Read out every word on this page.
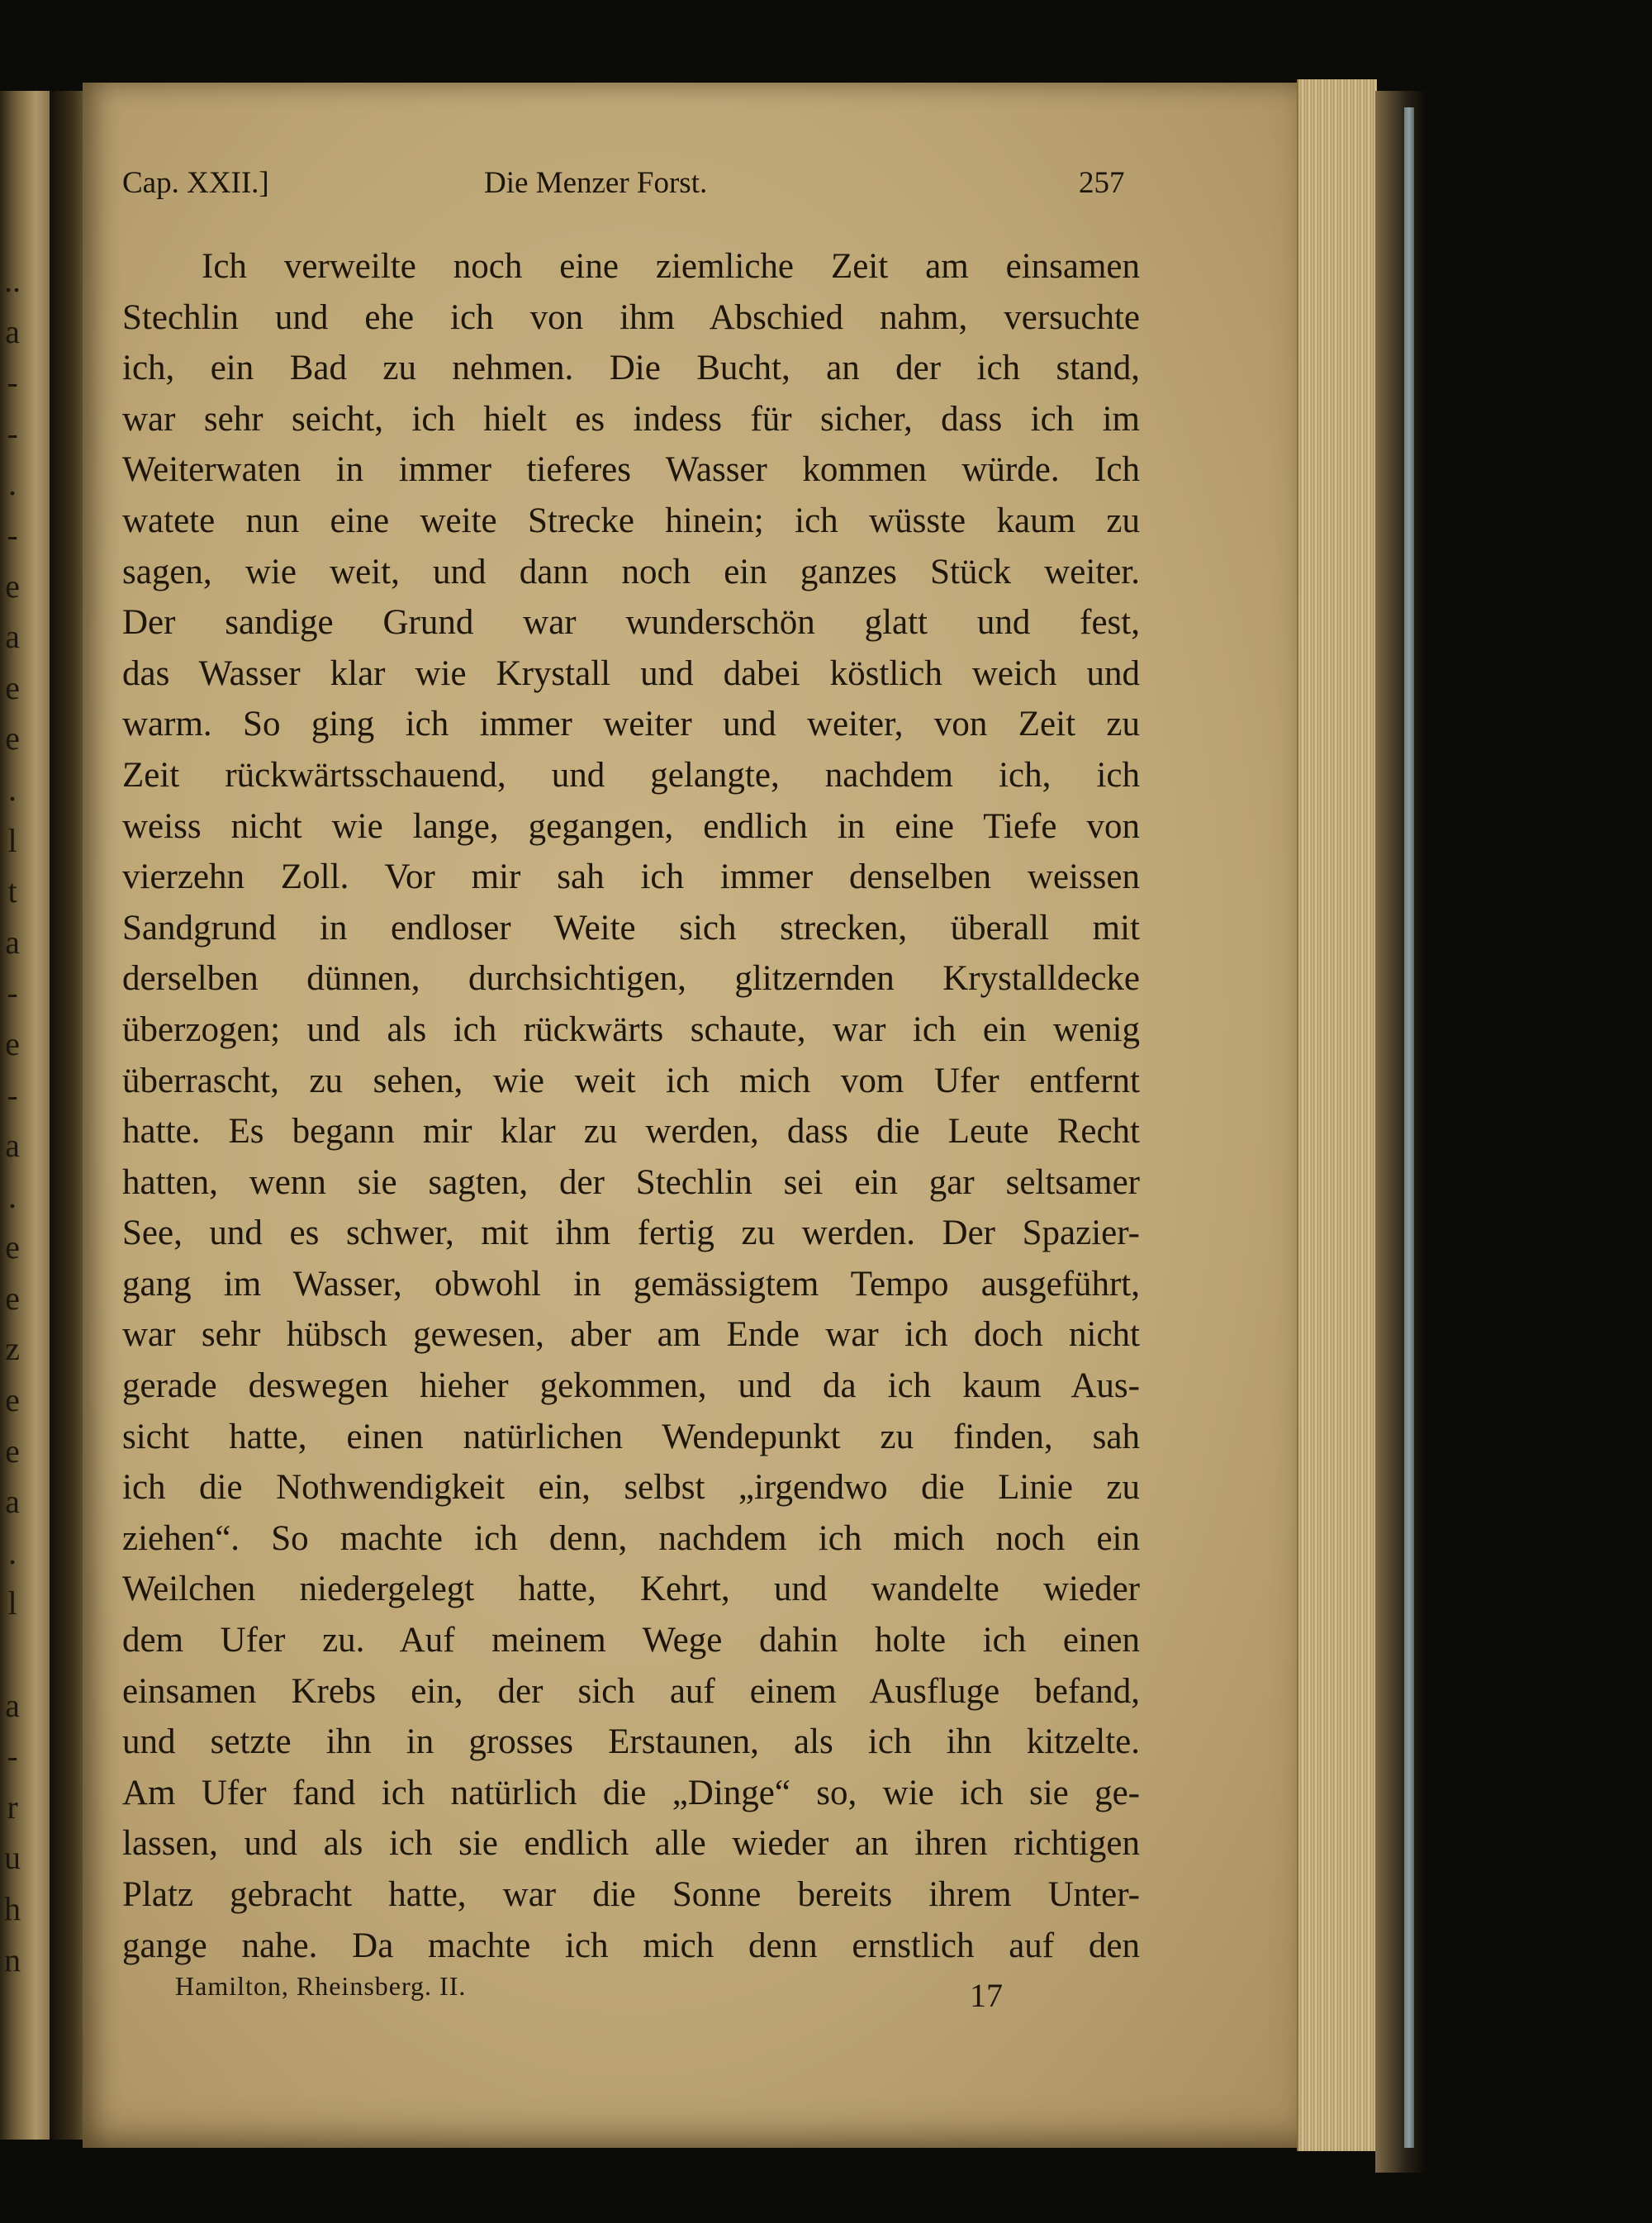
..
a
-
-
.
-
e
a
e
e
.
l
t
a
-
e
-
a
.
e
e
z
e
e
a
.
l
a
-
r
u
h
n
Cap. XXII.]	Die Menzer Forst.	257
Ich verweilte noch eine ziemliche Zeit am einsamen
Stechlin und ehe ich von ihm Abschied nahm, versuchte
ich, ein Bad zu nehmen. Die Bucht, an der ich stand,
war sehr seicht, ich hielt es indess für sicher, dass ich im
Weiterwaten in immer tieferes Wasser kommen würde. Ich
watete nun eine weite Strecke hinein; ich wüsste kaum zu
sagen, wie weit, und dann noch ein ganzes Stück weiter.
Der sandige Grund war wunderschön glatt und fest,
das Wasser klar wie Krystall und dabei köstlich weich und
warm. So ging ich immer weiter und weiter, von Zeit zu
Zeit rückwärtsschauend, und gelangte, nachdem ich, ich
weiss nicht wie lange, gegangen, endlich in eine Tiefe von
vierzehn Zoll. Vor mir sah ich immer denselben weissen
Sandgrund in endloser Weite sich strecken, überall mit
derselben dünnen, durchsichtigen, glitzernden Krystalldecke
überzogen; und als ich rückwärts schaute, war ich ein wenig
überrascht, zu sehen, wie weit ich mich vom Ufer entfernt
hatte. Es begann mir klar zu werden, dass die Leute Recht
hatten, wenn sie sagten, der Stechlin sei ein gar seltsamer
See, und es schwer, mit ihm fertig zu werden. Der Spazier-
gang im Wasser, obwohl in gemässigtem Tempo ausgeführt,
war sehr hübsch gewesen, aber am Ende war ich doch nicht
gerade deswegen hieher gekommen, und da ich kaum Aus-
sicht hatte, einen natürlichen Wendepunkt zu finden, sah
ich die Nothwendigkeit ein, selbst „irgendwo die Linie zu
ziehen“. So machte ich denn, nachdem ich mich noch ein
Weilchen niedergelegt hatte, Kehrt, und wandelte wieder
dem Ufer zu. Auf meinem Wege dahin holte ich einen
einsamen Krebs ein, der sich auf einem Ausfluge befand,
und setzte ihn in grosses Erstaunen, als ich ihn kitzelte.
Am Ufer fand ich natürlich die „Dinge“ so, wie ich sie ge-
lassen, und als ich sie endlich alle wieder an ihren richtigen
Platz gebracht hatte, war die Sonne bereits ihrem Unter-
gange nahe. Da machte ich mich denn ernstlich auf den
Hamilton, Rheinsberg. II.	17
